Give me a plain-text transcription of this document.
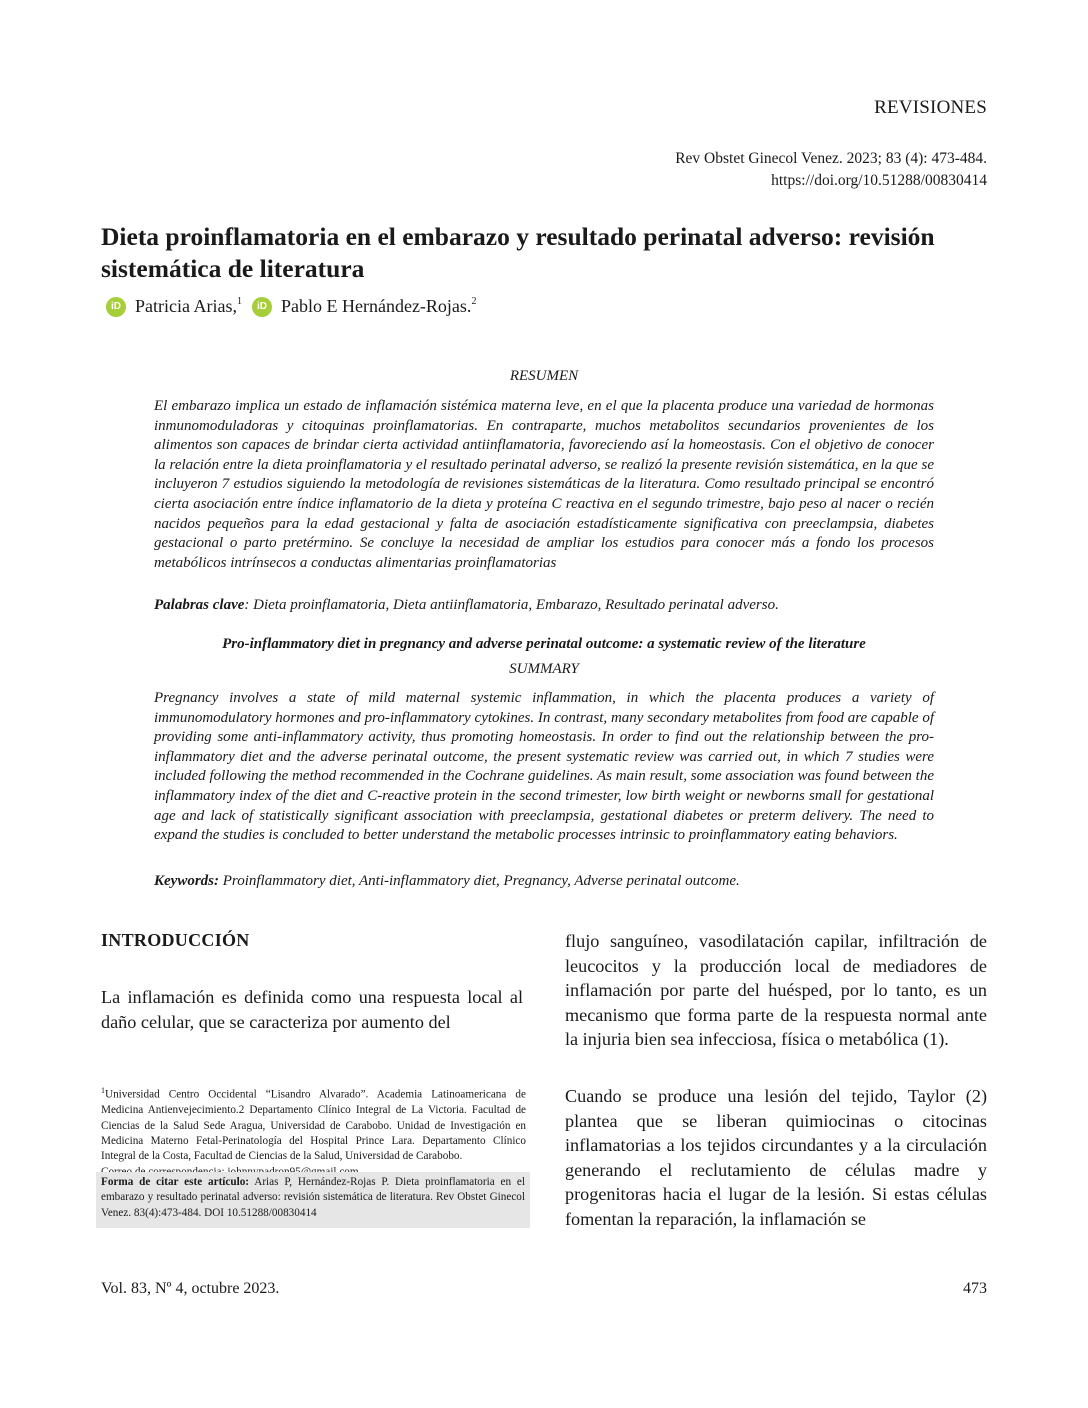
REVISIONES
Rev Obstet Ginecol Venez. 2023; 83 (4): 473-484.
https://doi.org/10.51288/00830414
Dieta proinflamatoria en el embarazo y resultado perinatal adverso: revisión sistemática de literatura
iD Patricia Arias,$^1$	iD Pablo E Hernández-Rojas.$^2$
RESUMEN

El embarazo implica un estado de inflamación sistémica materna leve, en el que la placenta produce una variedad de hormonas inmunomoduladoras y citoquinas proinflamatorias. En contraparte, muchos metabolitos secundarios provenientes de los alimentos son capaces de brindar cierta actividad antiinflamatoria, favoreciendo así la homeostasis. Con el objetivo de conocer la relación entre la dieta proinflamatoria y el resultado perinatal adverso, se realizó la presente revisión sistemática, en la que se incluyeron 7 estudios siguiendo la metodología de revisiones sistemáticas de la literatura. Como resultado principal se encontró cierta asociación entre índice inflamatorio de la dieta y proteína C reactiva en el segundo trimestre, bajo peso al nacer o recién nacidos pequeños para la edad gestacional y falta de asociación estadísticamente significativa con preeclampsia, diabetes gestacional o parto pretérmino. Se concluye la necesidad de ampliar los estudios para conocer más a fondo los procesos metabólicos intrínsecos a conductas alimentarias proinflamatorias

Palabras clave: Dieta proinflamatoria, Dieta antiinflamatoria, Embarazo, Resultado perinatal adverso.
Pro-inflammatory diet in pregnancy and adverse perinatal outcome: a systematic review of the literature
SUMMARY

Pregnancy involves a state of mild maternal systemic inflammation, in which the placenta produces a variety of immunomodulatory hormones and pro-inflammatory cytokines. In contrast, many secondary metabolites from food are capable of providing some anti-inflammatory activity, thus promoting homeostasis. In order to find out the relationship between the pro-inflammatory diet and the adverse perinatal outcome, the present systematic review was carried out, in which 7 studies were included following the method recommended in the Cochrane guidelines. As main result, some association was found between the inflammatory index of the diet and C-reactive protein in the second trimester, low birth weight or newborns small for gestational age and lack of statistically significant association with preeclampsia, gestational diabetes or preterm delivery. The need to expand the studies is concluded to better understand the metabolic processes intrinsic to proinflammatory eating behaviors.

Keywords: Proinflammatory diet, Anti-inflammatory diet, Pregnancy, Adverse perinatal outcome.
INTRODUCCIÓN

La inflamación es definida como una respuesta local al daño celular, que se caracteriza por aumento del

flujo sanguíneo, vasodilatación capilar, infiltración de leucocitos y la producción local de mediadores de inflamación por parte del huésped, por lo tanto, es un mecanismo que forma parte de la respuesta normal ante la injuria bien sea infecciosa, física o metabólica (1).

Cuando se produce una lesión del tejido, Taylor (2) plantea que se liberan quimiocinas o citocinas inflamatorias a los tejidos circundantes y a la circulación generando el reclutamiento de células madre y progenitoras hacia el lugar de la lesión. Si estas células fomentan la reparación, la inflamación se

$^1$Universidad Centro Occidental “Lisandro Alvarado”. Academia Latinoamericana de Medicina Antienvejecimiento.2 Departamento Clínico Integral de La Victoria. Facultad de Ciencias de la Salud Sede Aragua, Universidad de Carabobo. Unidad de Investigación en Medicina Materno Fetal-Perinatología del Hospital Prince Lara. Departamento Clínico Integral de la Costa, Facultad de Ciencias de la Salud, Universidad de Carabobo.

Forma de citar este artículo: Arias P, Hernández-Rojas P. Dieta proinflamatoria en el embarazo y resultado perinatal adverso: revisión sistemática de literatura. Rev Obstet Ginecol Venez. 83(4):473-484. DOI 10.51288/00830414
Vol. 83, Nº 4, octubre 2023.	473
